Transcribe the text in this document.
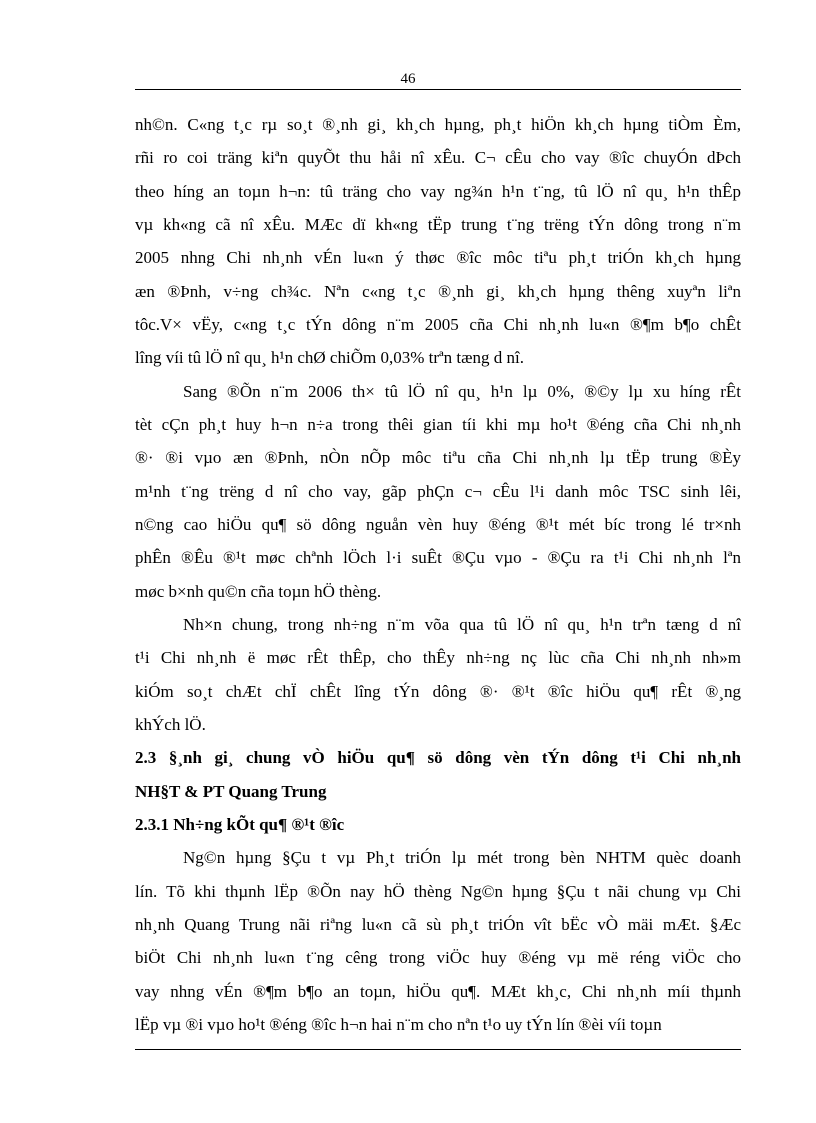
46
nh©n. C«ng t¸c rµ so¸t ®¸nh gi¸ kh¸ch hµng, ph¸t hiÖn kh¸ch hµng tiÒm Èm,
rñi ro coi träng kiªn quyÕt thu håi nî xÊu. C¬ cÊu cho vay ®îc chuyÓn dÞch
theo híng an toµn h¬n: tû träng cho vay ng¾n h¹n t¨ng, tû lÖ nî qu¸ h¹n thÊp
vµ kh«ng cã nî xÊu. MÆc dï kh«ng tËp trung t¨ng trëng tÝn dông trong n¨m
2005 nhng Chi nh¸nh vÉn lu«n ý thøc ®îc môc tiªu ph¸t triÓn kh¸ch hµng
æn ®Þnh, v÷ng ch¾c. Nªn c«ng t¸c ®¸nh gi¸ kh¸ch hµng thêng xuyªn liªn
tôc.V× vËy, c«ng t¸c tÝn dông n¨m 2005 cña Chi nh¸nh lu«n ®¶m b¶o chÊt
lîng víi tû lÖ nî qu¸ h¹n chØ chiÕm 0,03% trªn tæng d nî.
Sang ®Õn n¨m 2006 th× tû lÖ nî qu¸ h¹n lµ 0%, ®©y lµ xu híng rÊt
tèt cÇn ph¸t huy h¬n n÷a trong thêi gian tíi khi mµ ho¹t ®éng cña Chi nh¸nh
®· ®i vµo æn ®Þnh, nÒn nÕp môc tiªu cña Chi nh¸nh lµ tËp trung ®Èy
m¹nh t¨ng trëng d nî cho vay, gãp phÇn c¬ cÊu l¹i danh môc TSC sinh lêi,
n©ng cao hiÖu qu¶ sö dông nguån vèn huy ®éng ®¹t mét bíc trong lé tr×nh
phÊn ®Êu ®¹t møc chªnh lÖch l·i suÊt ®Çu vµo - ®Çu ra t¹i Chi nh¸nh lªn
møc b×nh qu©n cña toµn hÖ thèng.
Nh×n chung, trong nh÷ng n¨m võa qua tû lÖ nî qu¸ h¹n trªn tæng d nî
t¹i Chi nh¸nh ë møc rÊt thÊp, cho thÊy nh÷ng nç lùc cña Chi nh¸nh nh»m
kiÓm so¸t chÆt chÏ chÊt lîng tÝn dông ®· ®¹t ®îc hiÖu qu¶ rÊt ®¸ng
khÝch lÖ.
2.3 §¸nh gi¸ chung vÒ hiÖu qu¶ sö dông vèn tÝn dông t¹i Chi nh¸nh
NH§T & PT Quang Trung
2.3.1 Nh÷ng kÕt qu¶ ®¹t ®îc
Ng©n hµng §Çu t vµ Ph¸t triÓn lµ mét trong bèn NHTM quèc doanh
lín. Tõ khi thµnh lËp ®Õn nay hÖ thèng Ng©n hµng §Çu t nãi chung vµ Chi
nh¸nh Quang Trung nãi riªng lu«n cã sù ph¸t triÓn vît bËc vÒ mäi mÆt. §Æc
biÖt Chi nh¸nh lu«n t¨ng cêng trong viÖc huy ®éng vµ më réng viÖc cho
vay nhng vÉn ®¶m b¶o an toµn, hiÖu qu¶. MÆt kh¸c, Chi nh¸nh míi thµnh
lËp vµ ®i vµo ho¹t ®éng ®îc h¬n hai n¨m cho nªn t¹o uy tÝn lín ®èi víi toµn
